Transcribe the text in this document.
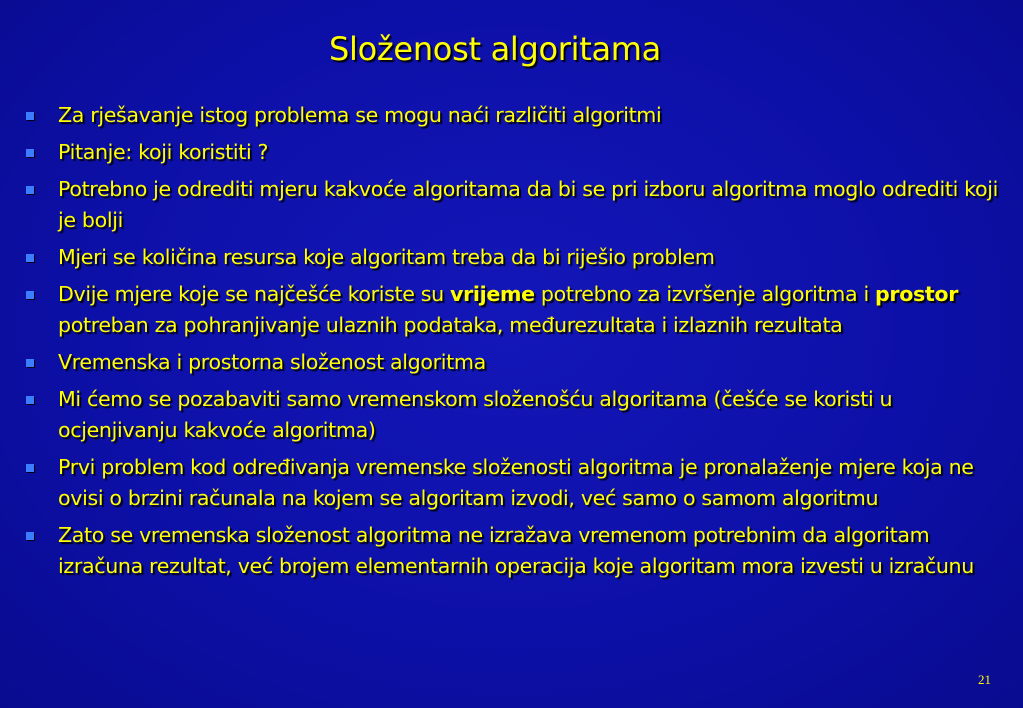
Složenost algoritama
Za rješavanje istog problema se mogu naći različiti algoritmi
Pitanje: koji koristiti ?
Potrebno je odrediti mjeru kakvoće algoritama da bi se pri izboru algoritma moglo odrediti koji je bolji
Mjeri se količina resursa koje algoritam treba da bi riješio problem
Dvije mjere koje se najčešće koriste su vrijeme potrebno za izvršenje algoritma i prostor potreban za pohranjivanje ulaznih podataka, međurezultata i izlaznih rezultata
Vremenska i prostorna složenost algoritma
Mi ćemo se pozabaviti samo vremenskom složenošću algoritama (češće se koristi u ocjenjivanju kakvoće algoritma)
Prvi problem kod određivanja vremenske složenosti algoritma je pronalaženje mjere koja ne ovisi o brzini računala na kojem se algoritam izvodi, već samo o samom algoritmu
Zato se vremenska složenost algoritma ne izražava vremenom potrebnim da algoritam izračuna rezultat, već brojem elementarnih operacija koje algoritam mora izvesti u izračunu
21
